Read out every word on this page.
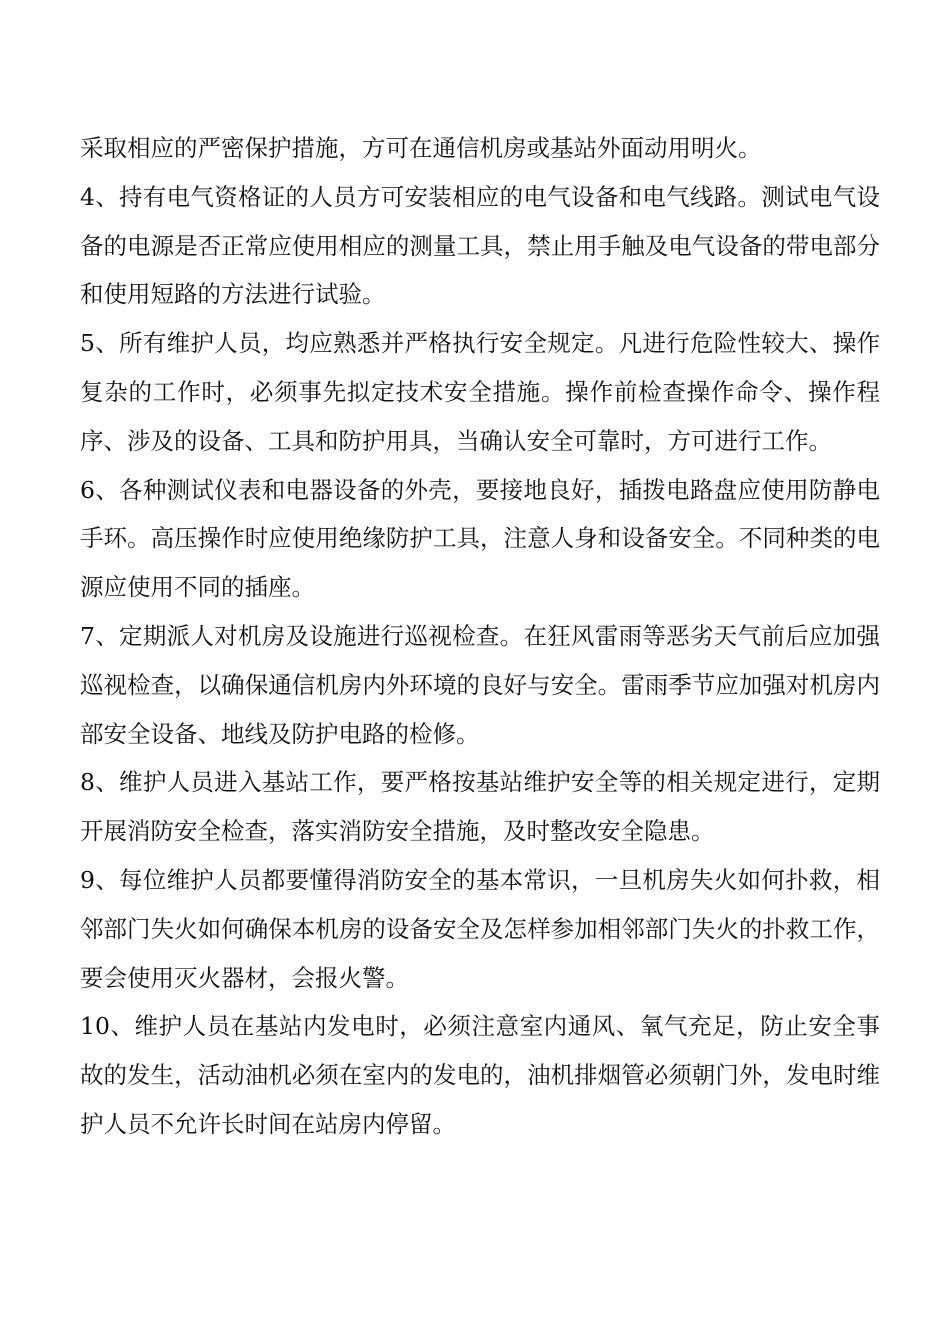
采取相应的严密保护措施，方可在通信机房或基站外面动用明火。

4、持有电气资格证的人员方可安装相应的电气设备和电气线路。测试电气设备的电源是否正常应使用相应的测量工具，禁止用手触及电气设备的带电部分和使用短路的方法进行试验。

5、所有维护人员，均应熟悉并严格执行安全规定。凡进行危险性较大、操作复杂的工作时，必须事先拟定技术安全措施。操作前检查操作命令、操作程序、涉及的设备、工具和防护用具，当确认安全可靠时，方可进行工作。

6、各种测试仪表和电器设备的外壳，要接地良好，插拨电路盘应使用防静电手环。高压操作时应使用绝缘防护工具，注意人身和设备安全。不同种类的电源应使用不同的插座。

7、定期派人对机房及设施进行巡视检查。在狂风雷雨等恶劣天气前后应加强巡视检查，以确保通信机房内外环境的良好与安全。雷雨季节应加强对机房内部安全设备、地线及防护电路的检修。

8、维护人员进入基站工作，要严格按基站维护安全等的相关规定进行，定期开展消防安全检查，落实消防安全措施，及时整改安全隐患。

9、每位维护人员都要懂得消防安全的基本常识，一旦机房失火如何扑救，相邻部门失火如何确保本机房的设备安全及怎样参加相邻部门失火的扑救工作，要会使用灭火器材，会报火警。

10、维护人员在基站内发电时，必须注意室内通风、氧气充足，防止安全事故的发生，活动油机必须在室内的发电的，油机排烟管必须朝门外，发电时维护人员不允许长时间在站房内停留。
